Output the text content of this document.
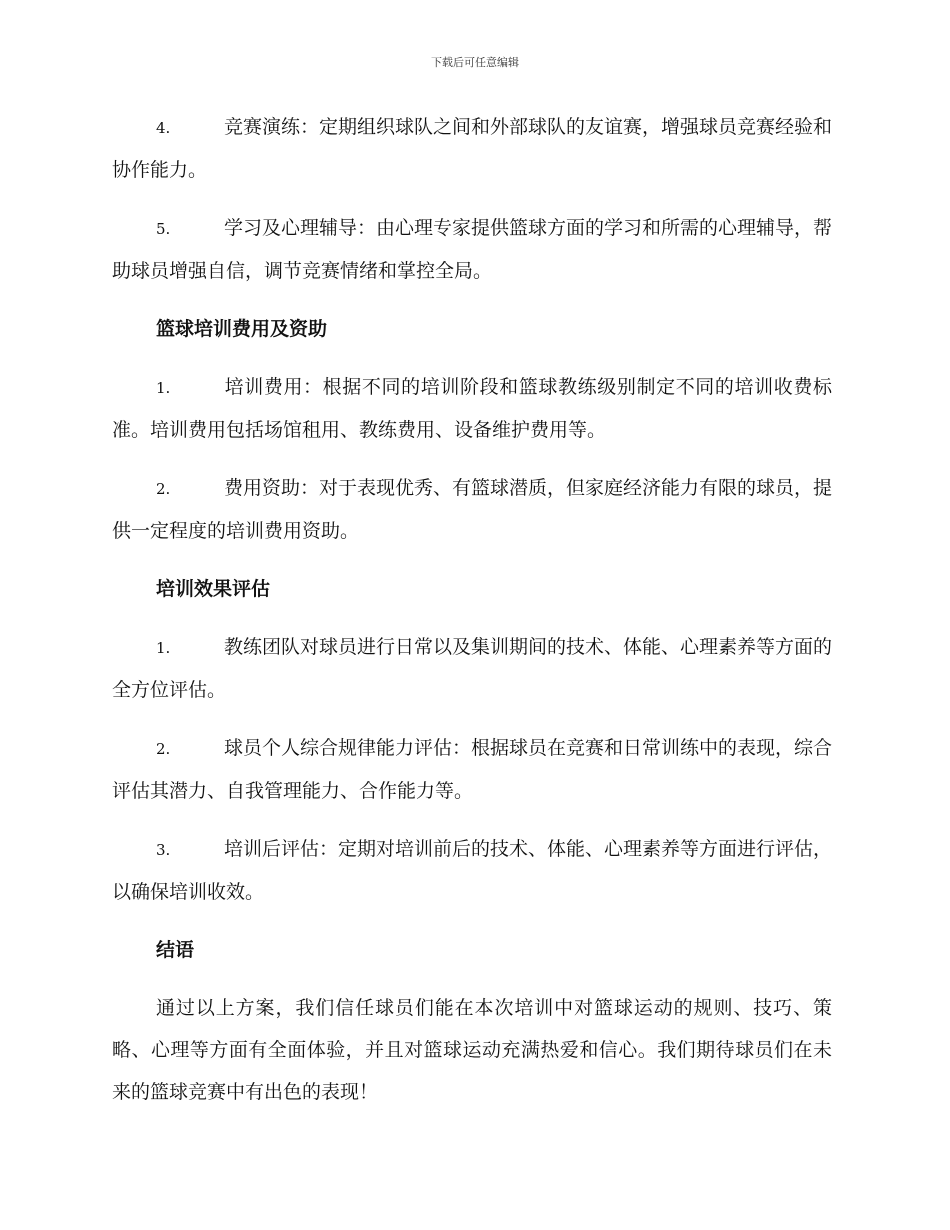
下载后可任意编辑

4.	竞赛演练：定期组织球队之间和外部球队的友谊赛，增强球员竞赛经验和协作能力。

5.	学习及心理辅导：由心理专家提供篮球方面的学习和所需的心理辅导，帮助球员增强自信，调节竞赛情绪和掌控全局。

篮球培训费用及资助

1.	培训费用：根据不同的培训阶段和篮球教练级别制定不同的培训收费标准。培训费用包括场馆租用、教练费用、设备维护费用等。

2.	费用资助：对于表现优秀、有篮球潜质，但家庭经济能力有限的球员，提供一定程度的培训费用资助。

培训效果评估

1.	教练团队对球员进行日常以及集训期间的技术、体能、心理素养等方面的全方位评估。

2.	球员个人综合规律能力评估：根据球员在竞赛和日常训练中的表现，综合评估其潜力、自我管理能力、合作能力等。

3.	培训后评估：定期对培训前后的技术、体能、心理素养等方面进行评估，以确保培训收效。

结语

通过以上方案，我们信任球员们能在本次培训中对篮球运动的规则、技巧、策略、心理等方面有全面体验，并且对篮球运动充满热爱和信心。我们期待球员们在未来的篮球竞赛中有出色的表现！
